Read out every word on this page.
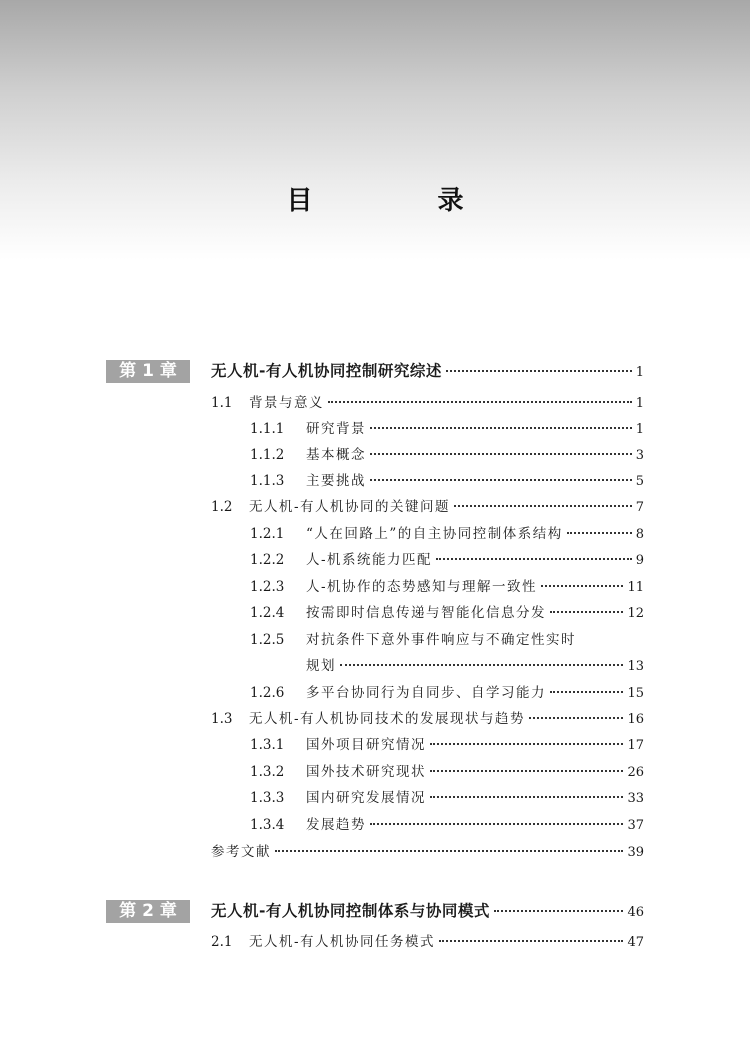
目 录
第 1 章	无人机-有人机协同控制研究综述	1
1.1	背景与意义	1
1.1.1	研究背景	1
1.1.2	基本概念	3
1.1.3	主要挑战	5
1.2	无人机-有人机协同的关键问题	7
1.2.1	“人在回路上”的自主协同控制体系结构	8
1.2.2	人-机系统能力匹配	9
1.2.3	人-机协作的态势感知与理解一致性	11
1.2.4	按需即时信息传递与智能化信息分发	12
1.2.5 对抗条件下意外事件响应与不确定性实时
规划	13
1.2.6	多平台协同行为自同步、自学习能力	15
1.3	无人机-有人机协同技术的发展现状与趋势	16
1.3.1	国外项目研究情况	17
1.3.2	国外技术研究现状	26
1.3.3	国内研究发展情况	33
1.3.4	发展趋势	37
参考文献	39
第 2 章	无人机-有人机协同控制体系与协同模式	46
2.1	无人机-有人机协同任务模式	47
